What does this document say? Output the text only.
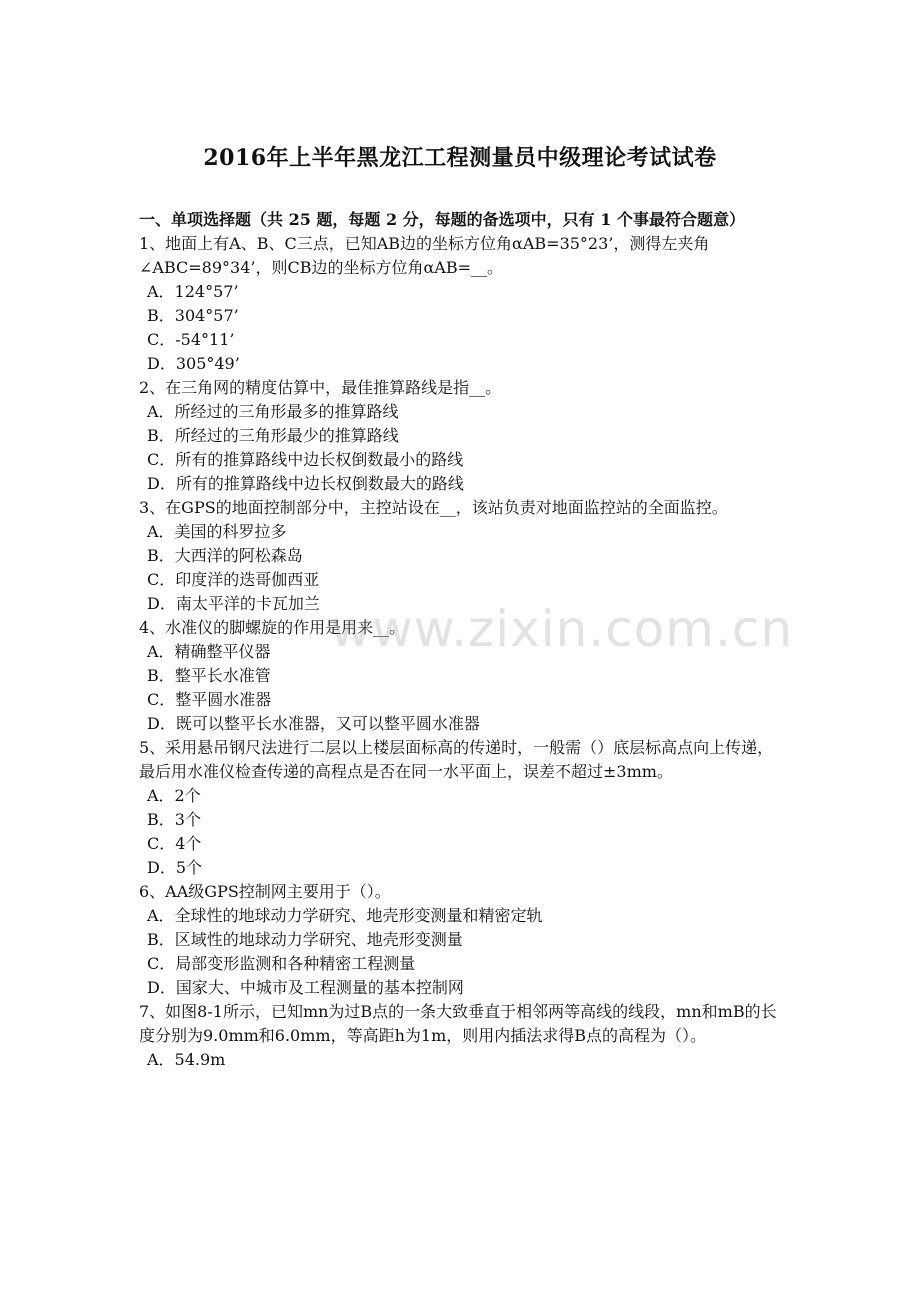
2016年上半年黑龙江工程测量员中级理论考试试卷

一、单项选择题（共 25 题，每题 2 分，每题的备选项中，只有 1 个事最符合题意）

1、地面上有A、B、C三点，已知AB边的坐标方位角αAB=35°23’，测得左夹角∠ABC=89°34’，则CB边的坐标方位角αAB=__。

A．124°57’

B．304°57’

C．-54°11’

D．305°49’

2、在三角网的精度估算中，最佳推算路线是指__。

A．所经过的三角形最多的推算路线

B．所经过的三角形最少的推算路线

C．所有的推算路线中边长权倒数最小的路线

D．所有的推算路线中边长权倒数最大的路线

3、在GPS的地面控制部分中，主控站设在__，该站负责对地面监控站的全面监控。

A．美国的科罗拉多

B．大西洋的阿松森岛

C．印度洋的迭哥伽西亚

D．南太平洋的卡瓦加兰

4、水准仪的脚螺旋的作用是用来__。

A．精确整平仪器

B．整平长水准管

C．整平圆水准器

D．既可以整平长水准器，又可以整平圆水准器

5、采用悬吊钢尺法进行二层以上楼层面标高的传递时，一般需（）底层标高点向上传递，最后用水准仪检查传递的高程点是否在同一水平面上，误差不超过±3mm。

A．2个

B．3个

C．4个

D．5个

6、AA级GPS控制网主要用于（）。

A．全球性的地球动力学研究、地壳形变测量和精密定轨

B．区域性的地球动力学研究、地壳形变测量

C．局部变形监测和各种精密工程测量

D．国家大、中城市及工程测量的基本控制网

7、如图8-1所示，已知mn为过B点的一条大致垂直于相邻两等高线的线段，mn和mB的长度分别为9.0mm和6.0mm，等高距h为1m，则用内插法求得B点的高程为（）。

A．54.9m

www.zixin.com.cn
